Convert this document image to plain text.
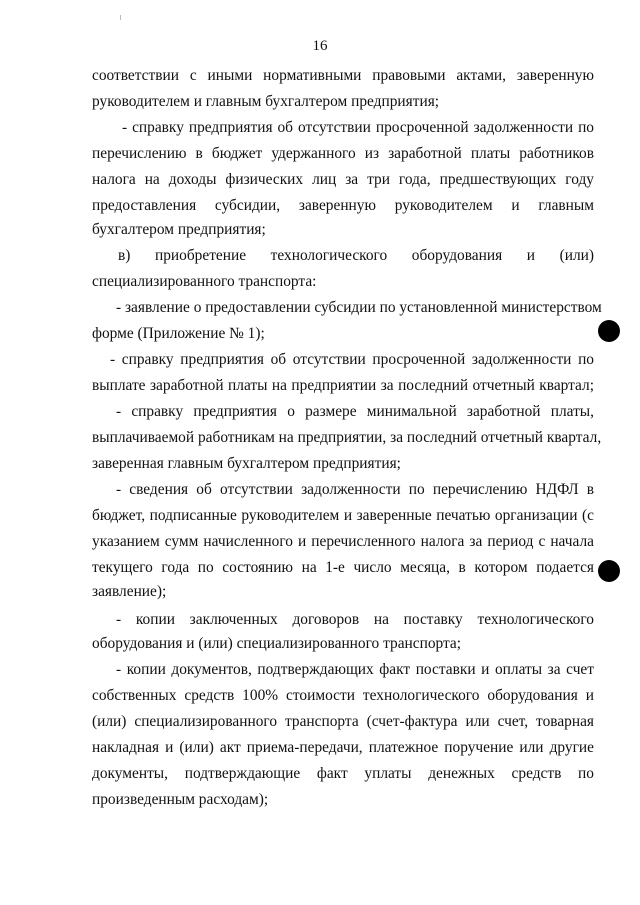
16
соответствии с иными нормативными правовыми актами, заверенную
руководителем и главным бухгалтером предприятия;
- справку предприятия об отсутствии просроченной задолженности по
перечислению в бюджет удержанного из заработной платы работников
налога на доходы физических лиц за три года, предшествующих году
предоставления субсидии, заверенную руководителем и главным
бухгалтером предприятия;
в) приобретение технологического оборудования и (или)
специализированного транспорта:
- заявление о предоставлении субсидии по установленной министерством
форме (Приложение № 1);
- справку предприятия об отсутствии просроченной задолженности по
выплате заработной платы на предприятии за последний отчетный квартал;
- справку предприятия о размере минимальной заработной платы,
выплачиваемой работникам на предприятии, за последний отчетный квартал,
заверенная главным бухгалтером предприятия;
- сведения об отсутствии задолженности по перечислению НДФЛ в
бюджет, подписанные руководителем и заверенные печатью организации (с
указанием сумм начисленного и перечисленного налога за период с начала
текущего года по состоянию на 1-е число месяца, в котором подается
заявление);
- копии заключенных договоров на поставку технологического
оборудования и (или) специализированного транспорта;
- копии документов, подтверждающих факт поставки и оплаты за счет
собственных средств 100% стоимости технологического оборудования и
(или) специализированного транспорта (счет-фактура или счет, товарная
накладная и (или) акт приема-передачи, платежное поручение или другие
документы, подтверждающие факт уплаты денежных средств по
произведенным расходам);
